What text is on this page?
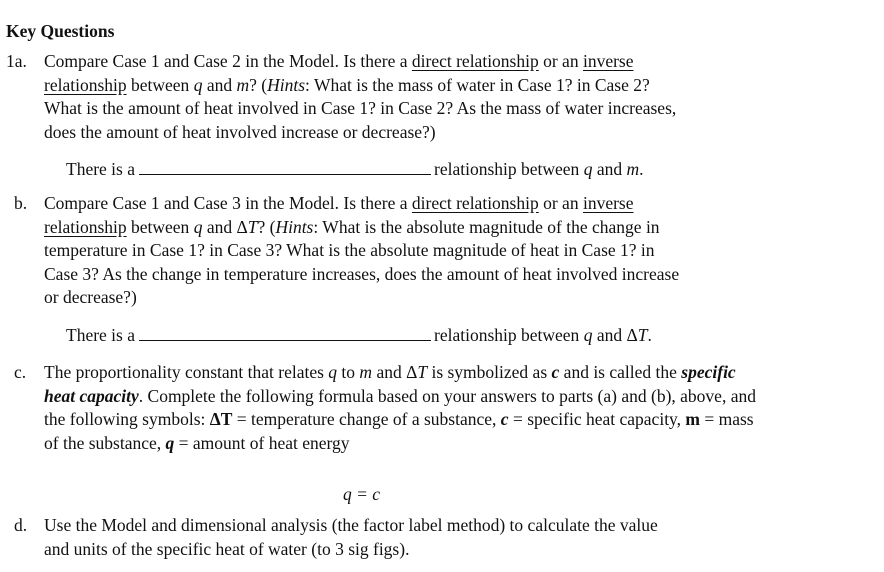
Key Questions
1a. Compare Case 1 and Case 2 in the Model. Is there a direct relationship or an inverse
relationship between q and m? (Hints: What is the mass of water in Case 1? in Case 2?
What is the amount of heat involved in Case 1? in Case 2? As the mass of water increases,
does the amount of heat involved increase or decrease?)
There is a	relationship between q and m.
b. Compare Case 1 and Case 3 in the Model. Is there a direct relationship or an inverse
relationship between q and ΔT? (Hints: What is the absolute magnitude of the change in
temperature in Case 1? in Case 3? What is the absolute magnitude of heat in Case 1? in
Case 3? As the change in temperature increases, does the amount of heat involved increase
or decrease?)
There is a	relationship between q and ΔT.
c. The proportionality constant that relates q to m and ΔT is symbolized as c and is called the specific
heat capacity. Complete the following formula based on your answers to parts (a) and (b), above, and
the following symbols: ΔT = temperature change of a substance, c = specific heat capacity, m = mass
of the substance, q = amount of heat energy
q = c
d. Use the Model and dimensional analysis (the factor label method) to calculate the value
and units of the specific heat of water (to 3 sig figs).
